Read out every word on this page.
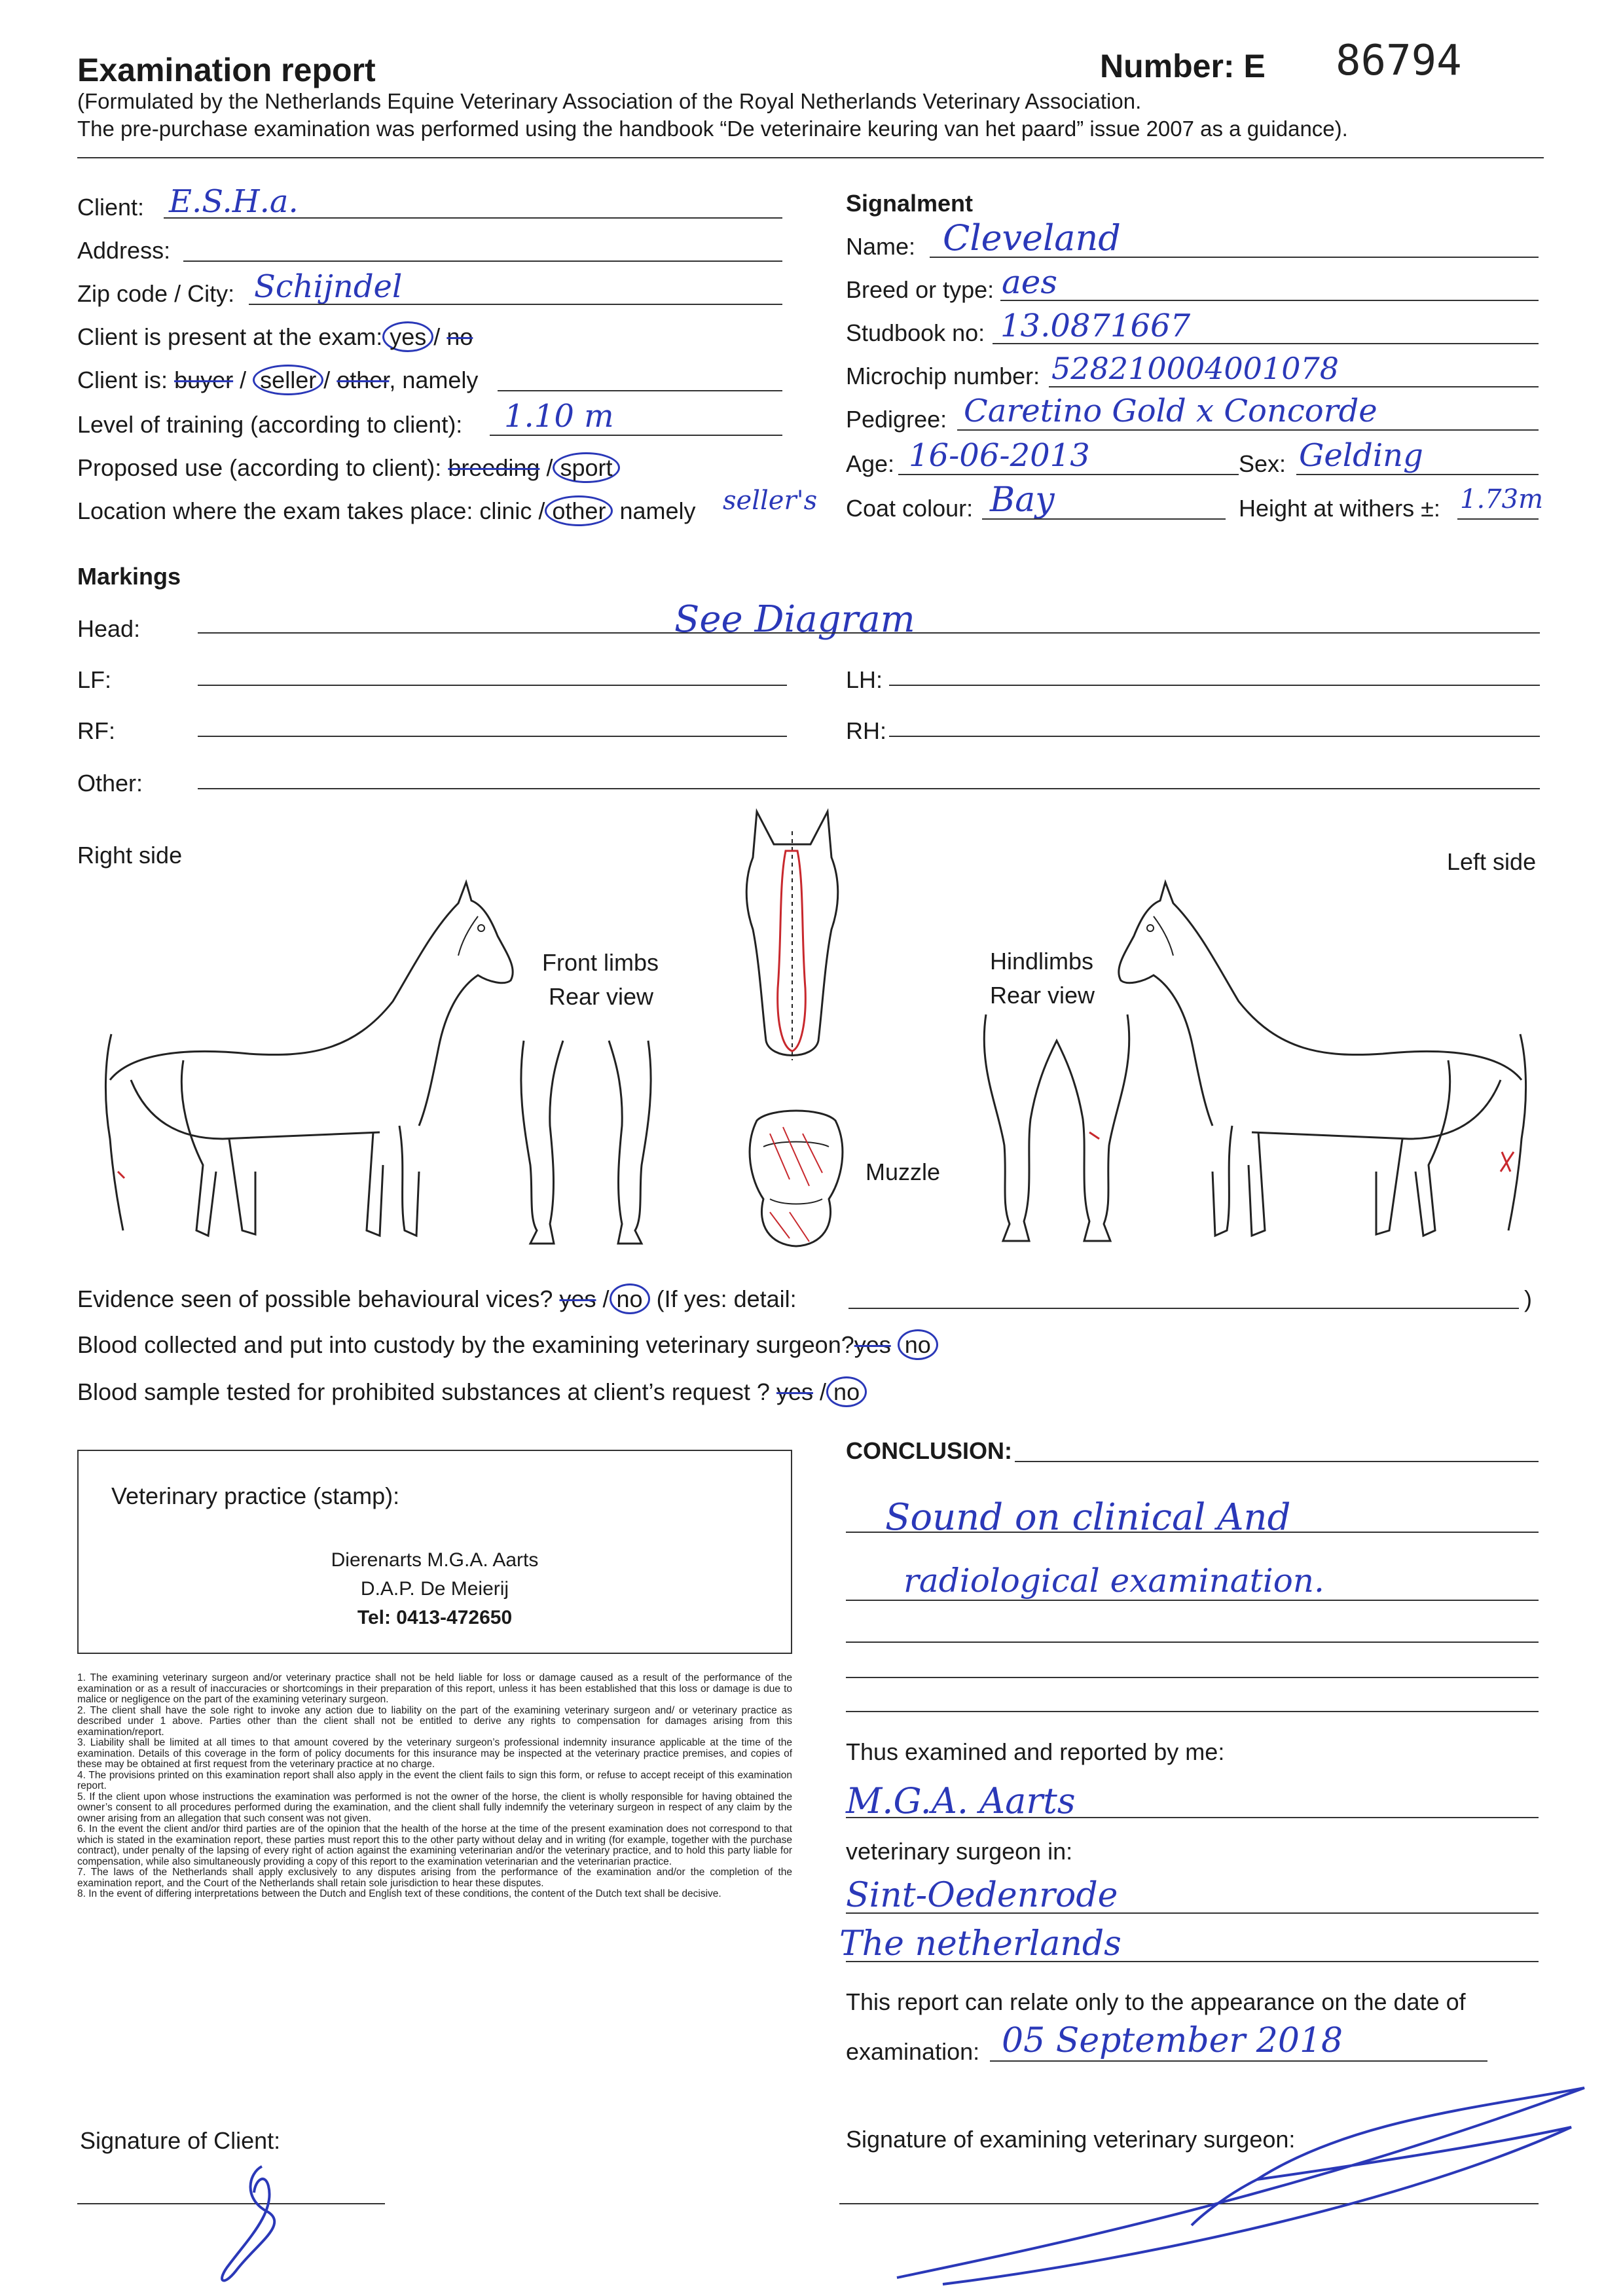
Examination report	Number: E 86794
(Formulated by the Netherlands Equine Veterinary Association of the Royal Netherlands Veterinary Association.
The pre-purchase examination was performed using the handbook “De veterinaire keuring van het paard” issue 2007 as a guidance).
Client: E.S.H.a.
Address:
Zip code / City: Schijndel
Client is present at the exam: yes / no
Client is: buyer / seller / other, namely
Level of training (according to client): 1.10 m
Proposed use (according to client): breeding / sport
Location where the exam takes place: clinic / other namely seller's
Signalment
Name: Cleveland
Breed or type: aes
Studbook no: 13.0871667
Microchip number: 528210004001078
Pedigree: Caretino Gold x Concorde
Age: 16-06-2013	Sex: Gelding
Coat colour: Bay	Height at withers ±: 1.73m
Markings
Head:	See Diagram
LF:	LH:
RF:	RH:
Other:
Right side	Left side
Front limbs
Rear view
Hindlimbs
Rear view
Muzzle
Evidence seen of possible behavioural vices? yes / no (If yes: detail:	)
Blood collected and put into custody by the examining veterinary surgeon?yes no
Blood sample tested for prohibited substances at client’s request ? yes / no
Veterinary practice (stamp):
Dierenarts M.G.A. Aarts
D.A.P. De Meierij
Tel: 0413-472650

1. The examining veterinary surgeon and/or veterinary practice shall not be held liable for loss or damage caused as a result of the performance of the examination or as a result of inaccuracies or shortcomings in their preparation of this report, unless it has been established that this loss or damage is due to malice or negligence on the part of the examining veterinary surgeon.

2. The client shall have the sole right to invoke any action due to liability on the part of the examining veterinary surgeon and/ or veterinary practice as described under 1 above. Parties other than the client shall not be entitled to derive any rights to compensation for damages arising from this examination/report.

3. Liability shall be limited at all times to that amount covered by the veterinary surgeon’s professional indemnity insurance applicable at the time of the examination. Details of this coverage in the form of policy documents for this insurance may be inspected at the veterinary practice premises, and copies of these may be obtained at first request from the veterinary practice at no charge.

4. The provisions printed on this examination report shall also apply in the event the client fails to sign this form, or refuse to accept receipt of this examination report.

5. If the client upon whose instructions the examination was performed is not the owner of the horse, the client is wholly responsible for having obtained the owner’s consent to all procedures performed during the examination, and the client shall fully indemnify the veterinary surgeon in respect of any claim by the owner arising from an allegation that such consent was not given.

6. In the event the client and/or third parties are of the opinion that the health of the horse at the time of the present examination does not correspond to that which is stated in the examination report, these parties must report this to the other party without delay and in writing (for example, together with the purchase contract), under penalty of the lapsing of every right of action against the examining veterinarian and/or the veterinary practice, and to hold this party liable for compensation, while also simultaneously providing a copy of this report to the examination veterinarian and the veterinarian practice.

7. The laws of the Netherlands shall apply exclusively to any disputes arising from the performance of the examination and/or the completion of the examination report, and the Court of the Netherlands shall retain sole jurisdiction to hear these disputes.

8. In the event of differing interpretations between the Dutch and English text of these conditions, the content of the Dutch text shall be decisive.

CONCLUSION:
Sound on clinical And
radiological examination.
Thus examined and reported by me:
M.G.A. Aarts
veterinary surgeon in:
Sint-Oedenrode
The netherlands
This report can relate only to the appearance on the date of
examination: 05 September 2018
Signature of Client:	Signature of examining veterinary surgeon:
